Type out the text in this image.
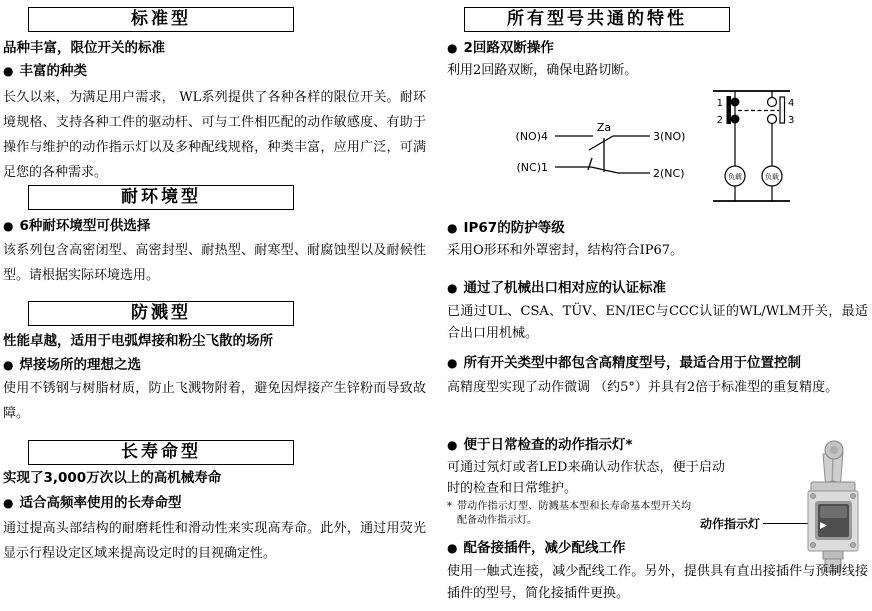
标准型
品种丰富，限位开关的标准
● 丰富的种类
长久以来，为满足用户需求， WL系列提供了各种各样的限位开关。耐环境规格、支持各种工件的驱动杆、可与工件相匹配的动作敏感度、有助于操作与维护的动作指示灯以及多种配线规格，种类丰富，应用广泛，可满足您的各种需求。
耐环境型
● 6种耐环境型可供选择
该系列包含高密闭型、高密封型、耐热型、耐寒型、耐腐蚀型以及耐候性型。请根据实际环境选用。
防溅型
性能卓越，适用于电弧焊接和粉尘飞散的场所
● 焊接场所的理想之选
使用不锈钢与树脂材质，防止飞溅物附着，避免因焊接产生锌粉而导致故障。
长寿命型
实现了3,000万次以上的高机械寿命
● 适合高频率使用的长寿命型
通过提高头部结构的耐磨耗性和滑动性来实现高寿命。此外，通过用荧光显示行程设定区域来提高设定时的目视确定性。
所有型号共通的特性
● 2回路双断操作
利用2回路双断，确保电路切断。
(NO)4
(NC)1
Za
3(NO)
2(NC)
1
2
4
3
负载	负载
● IP67的防护等级
采用O形环和外罩密封，结构符合IP67。
● 通过了机械出口相对应的认证标准
已通过UL、CSA、TÜV、EN/IEC与CCC认证的WL/WLM开关，最适合出口用机械。
● 所有开关类型中都包含高精度型号，最适合用于位置控制
高精度型实现了动作微调 （约5°）并具有2倍于标准型的重复精度。
● 便于日常检查的动作指示灯*
可通过氖灯或者LED来确认动作状态，便于启动时的检查和日常维护。
* 带动作指示灯型、防溅基本型和长寿命基本型开关均配备动作指示灯。	动作指示灯
● 配备接插件，减少配线工作
使用一触式连接，减少配线工作。另外，提供具有直出接插件与预制线接插件的型号，简化接插件更换。
